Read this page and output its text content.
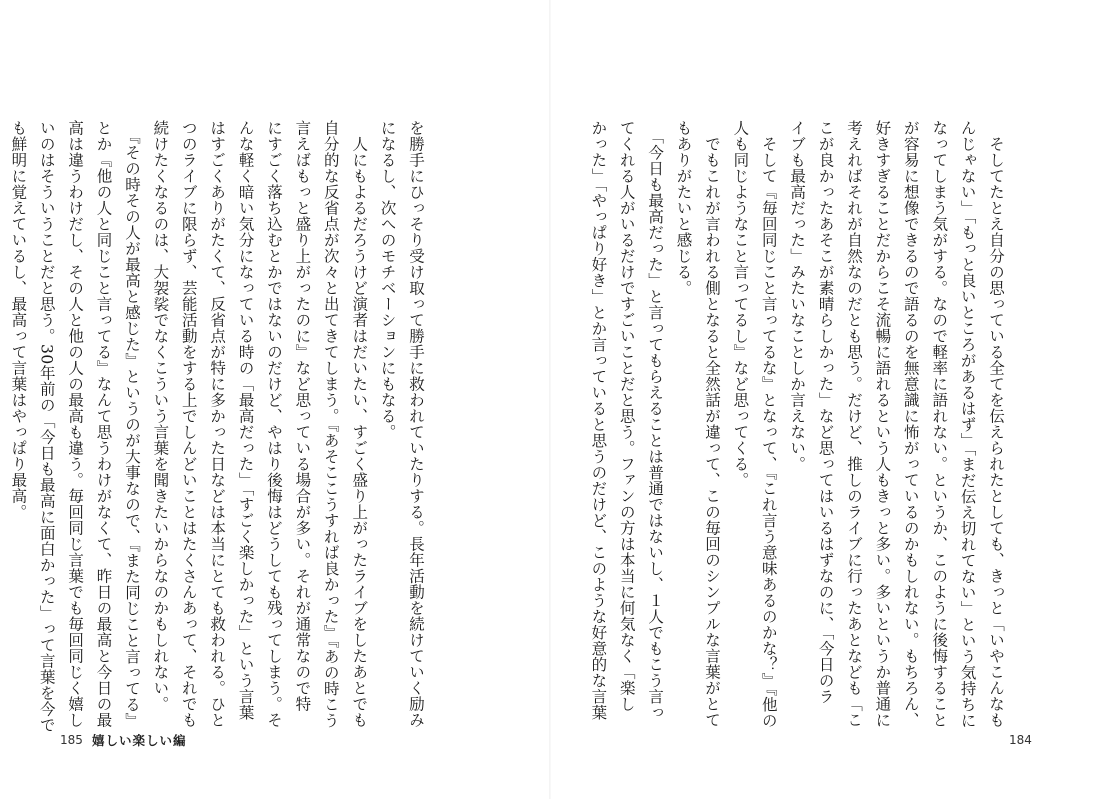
を勝手にひっそり受け取って勝手に救われていたりする。長年活動を続けていく励み

になるし、次へのモチベーションにもなる。

　人にもよるだろうけど演者はだいたい、すごく盛り上がったライブをしたあとでも

自分的な反省点が次々と出てきてしまう。『あそここうすれば良かった』『あの時こう

言えばもっと盛り上がったのに』など思っている場合が多い。それが通常なので特

にすごく落ち込むとかではないのだけど、やはり後悔はどうしても残ってしまう。そ

んな軽く暗い気分になっている時の「最高だった」「すごく楽しかった」という言葉

はすごくありがたくて、反省点が特に多かった日などは本当にとても救われる。ひと

つのライブに限らず、芸能活動をする上でしんどいことはたくさんあって、それでも

続けたくなるのは、大袈裟でなくこういう言葉を聞きたいからなのかもしれない。

　『その時その人が最高と感じた』というのが大事なので、『また同じこと言ってる』

とか『他の人と同じこと言ってる』なんて思うわけがなくて、昨日の最高と今日の最

高は違うわけだし、その人と他の人の最高も違う。毎回同じ言葉でも毎回同じく嬉し

いのはそういうことだと思う。30年前の「今日も最高に面白かった」って言葉を今で

も鮮明に覚えているし、最高って言葉はやっぱり最高。

185 嬉しい楽しい編

　そしてたとえ自分の思っている全てを伝えられたとしても、きっと「いやこんなも

んじゃない」「もっと良いところがあるはず」「まだ伝え切れてない」という気持ちに

なってしまう気がする。なので軽率に語れない。というか、このように後悔すること

が容易に想像できるので語るのを無意識に怖がっているのかもしれない。もちろん、

好きすぎることだからこそ流暢に語れるという人もきっと多い。多いというか普通に

考えればそれが自然なのだとも思う。だけど、推しのライブに行ったあとなども「こ

こが良かったあそこが素晴らしかった」など思ってはいるはずなのに、「今日のラ

イブも最高だった」みたいなことしか言えない。

　そして『毎回同じこと言ってるな』となって、『これ言う意味あるのかな？』『他の

人も同じようなこと言ってるし』など思ってくる。

　でもこれが言われる側となると全然話が違って、この毎回のシンプルな言葉がとて

もありがたいと感じる。

　「今日も最高だった」と言ってもらえることは普通ではないし、１人でもこう言っ

てくれる人がいるだけですごいことだと思う。ファンの方は本当に何気なく「楽し

かった」「やっぱり好き」とか言っていると思うのだけど、このような好意的な言葉

184
